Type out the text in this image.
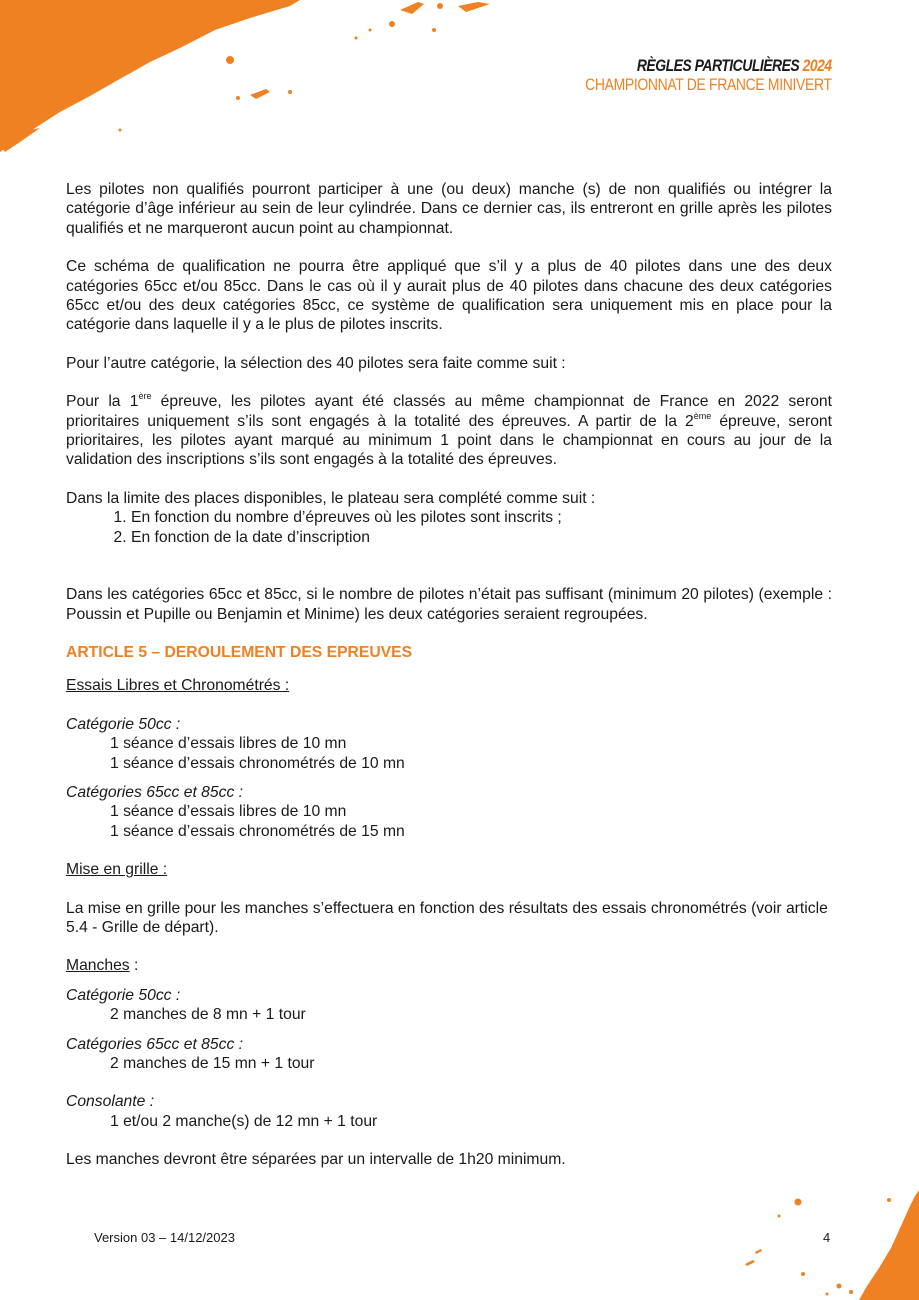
RÈGLES PARTICULIÈRES 2024
CHAMPIONNAT DE FRANCE MINIVERT

Les pilotes non qualifiés pourront participer à une (ou deux) manche (s) de non qualifiés ou intégrer la catégorie d’âge inférieur au sein de leur cylindrée. Dans ce dernier cas, ils entreront en grille après les pilotes qualifiés et ne marqueront aucun point au championnat.

Ce schéma de qualification ne pourra être appliqué que s’il y a plus de 40 pilotes dans une des deux catégories 65cc et/ou 85cc. Dans le cas où il y aurait plus de 40 pilotes dans chacune des deux catégories 65cc et/ou des deux catégories 85cc, ce système de qualification sera uniquement mis en place pour la catégorie dans laquelle il y a le plus de pilotes inscrits.

Pour l’autre catégorie, la sélection des 40 pilotes sera faite comme suit :

Pour la 1ère épreuve, les pilotes ayant été classés au même championnat de France en 2022 seront prioritaires uniquement s’ils sont engagés à la totalité des épreuves. A partir de la 2ème épreuve, seront prioritaires, les pilotes ayant marqué au minimum 1 point dans le championnat en cours au jour de la validation des inscriptions s’ils sont engagés à la totalité des épreuves.

Dans la limite des places disponibles, le plateau sera complété comme suit :

1. En fonction du nombre d’épreuves où les pilotes sont inscrits ;
2. En fonction de la date d’inscription

Dans les catégories 65cc et 85cc, si le nombre de pilotes n’était pas suffisant (minimum 20 pilotes) (exemple : Poussin et Pupille ou Benjamin et Minime) les deux catégories seraient regroupées.

ARTICLE 5 – DEROULEMENT DES EPREUVES

Essais Libres et Chronométrés :

Catégorie 50cc :

1 séance d’essais libres de 10 mn

1 séance d’essais chronométrés de 10 mn

Catégories 65cc et 85cc :

1 séance d’essais libres de 10 mn

1 séance d’essais chronométrés de 15 mn

Mise en grille :

La mise en grille pour les manches s’effectuera en fonction des résultats des essais chronométrés (voir article 5.4 - Grille de départ).

Manches :

Catégorie 50cc :

2 manches de 8 mn + 1 tour

Catégories 65cc et 85cc :

2 manches de 15 mn + 1 tour

Consolante :

1 et/ou 2 manche(s) de 12 mn + 1 tour

Les manches devront être séparées par un intervalle de 1h20 minimum.

Version 03 – 14/12/2023	4
